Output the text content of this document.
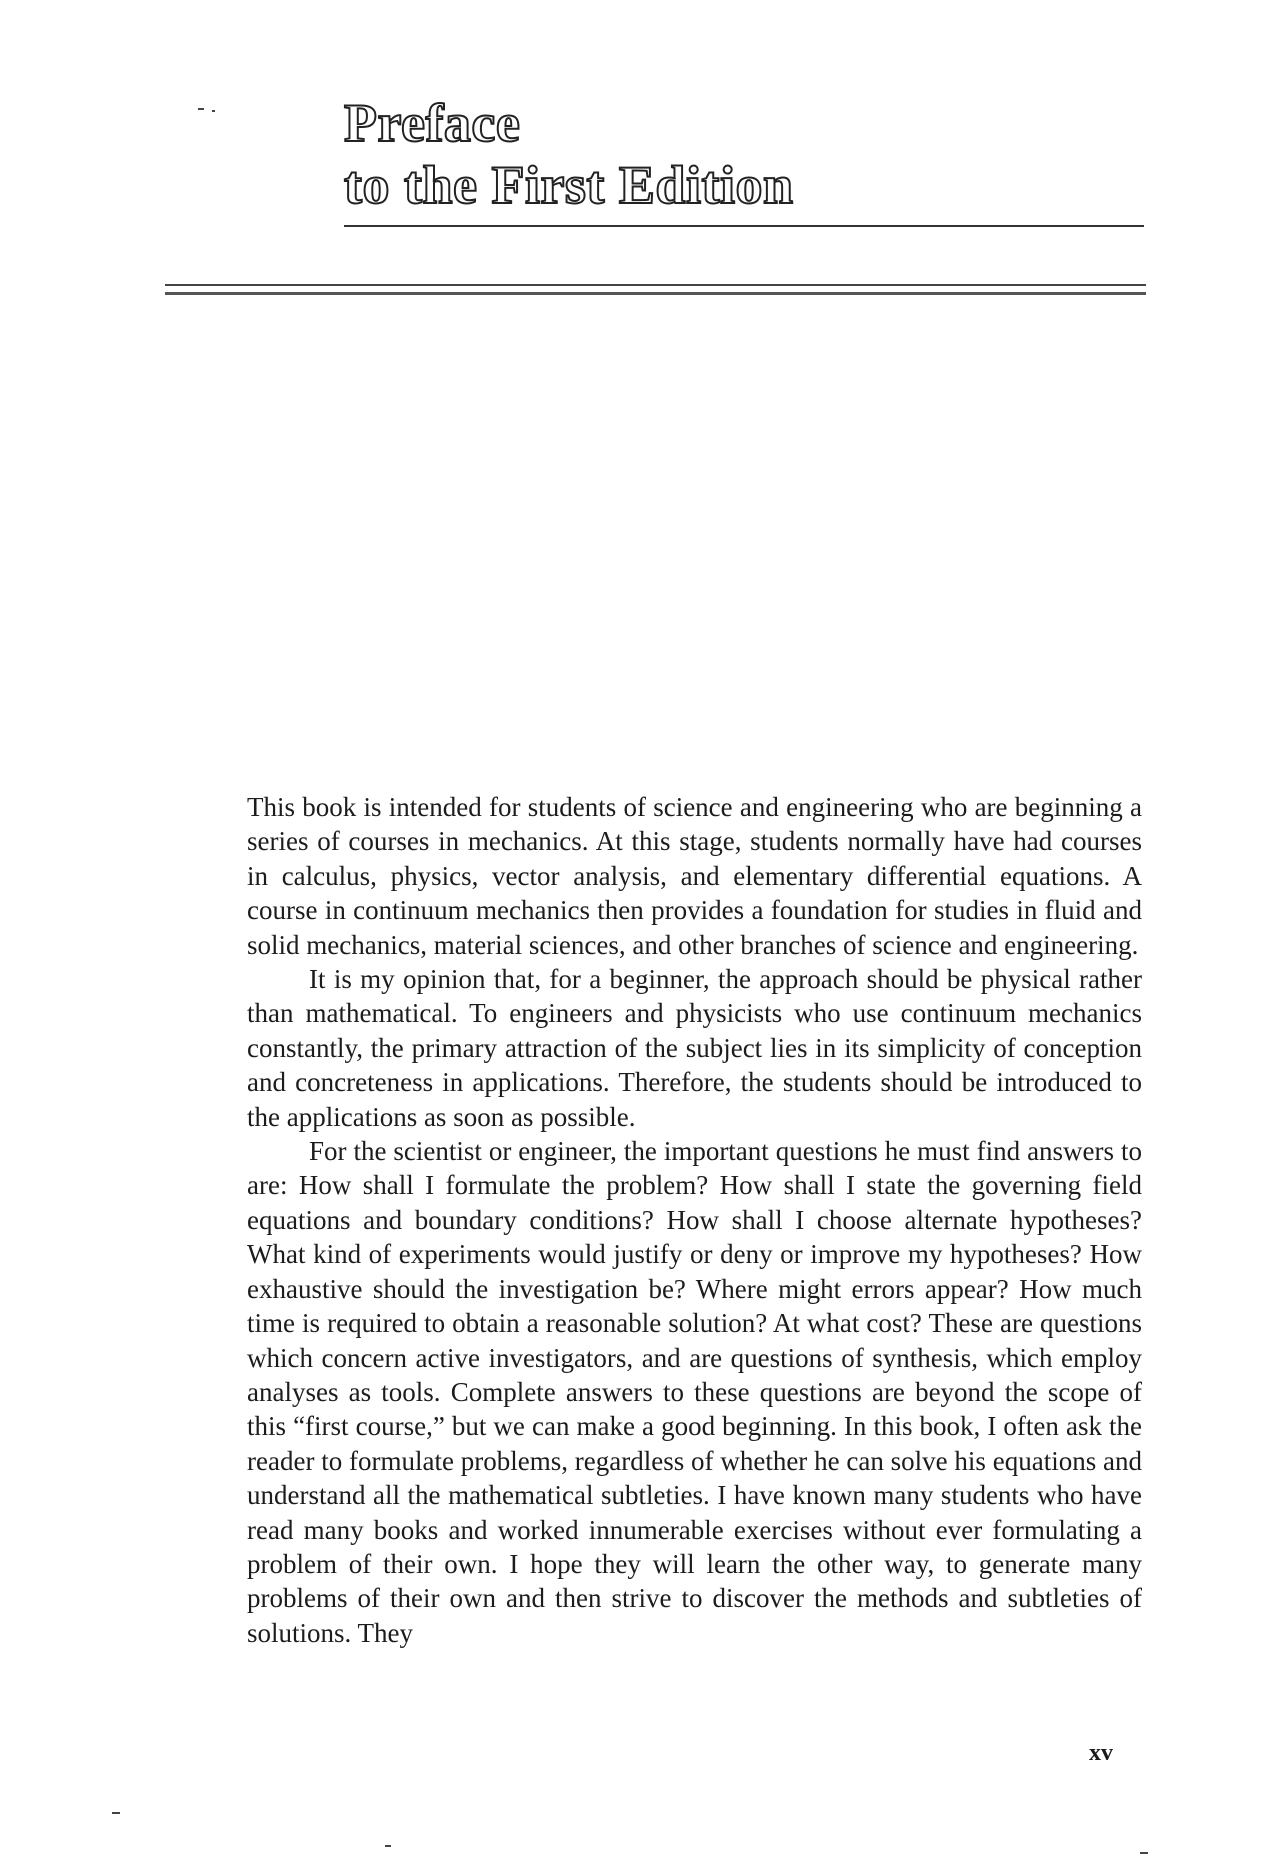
Preface
to the First Edition

This book is intended for students of science and engineering who are beginning a series of courses in mechanics. At this stage, students normally have had courses in calculus, physics, vector analysis, and elementary differential equations. A course in continuum mechanics then provides a foundation for studies in fluid and solid mechanics, material sciences, and other branches of science and engineering.

It is my opinion that, for a beginner, the approach should be physical rather than mathematical. To engineers and physicists who use continuum mechanics constantly, the primary attraction of the subject lies in its simplicity of conception and concreteness in applications. Therefore, the students should be introduced to the applications as soon as possible.

For the scientist or engineer, the important questions he must find answers to are: How shall I formulate the problem? How shall I state the governing field equations and boundary conditions? How shall I choose alternate hypotheses? What kind of experiments would justify or deny or improve my hypotheses? How exhaustive should the investigation be? Where might errors appear? How much time is required to obtain a reasonable solution? At what cost? These are questions which concern active investigators, and are questions of synthesis, which employ analyses as tools. Complete answers to these questions are beyond the scope of this “first course,” but we can make a good beginning. In this book, I often ask the reader to formulate problems, regardless of whether he can solve his equations and understand all the mathematical subtleties. I have known many students who have read many books and worked innumerable exercises without ever formulating a problem of their own. I hope they will learn the other way, to generate many problems of their own and then strive to discover the methods and subtleties of solutions. They

xv
